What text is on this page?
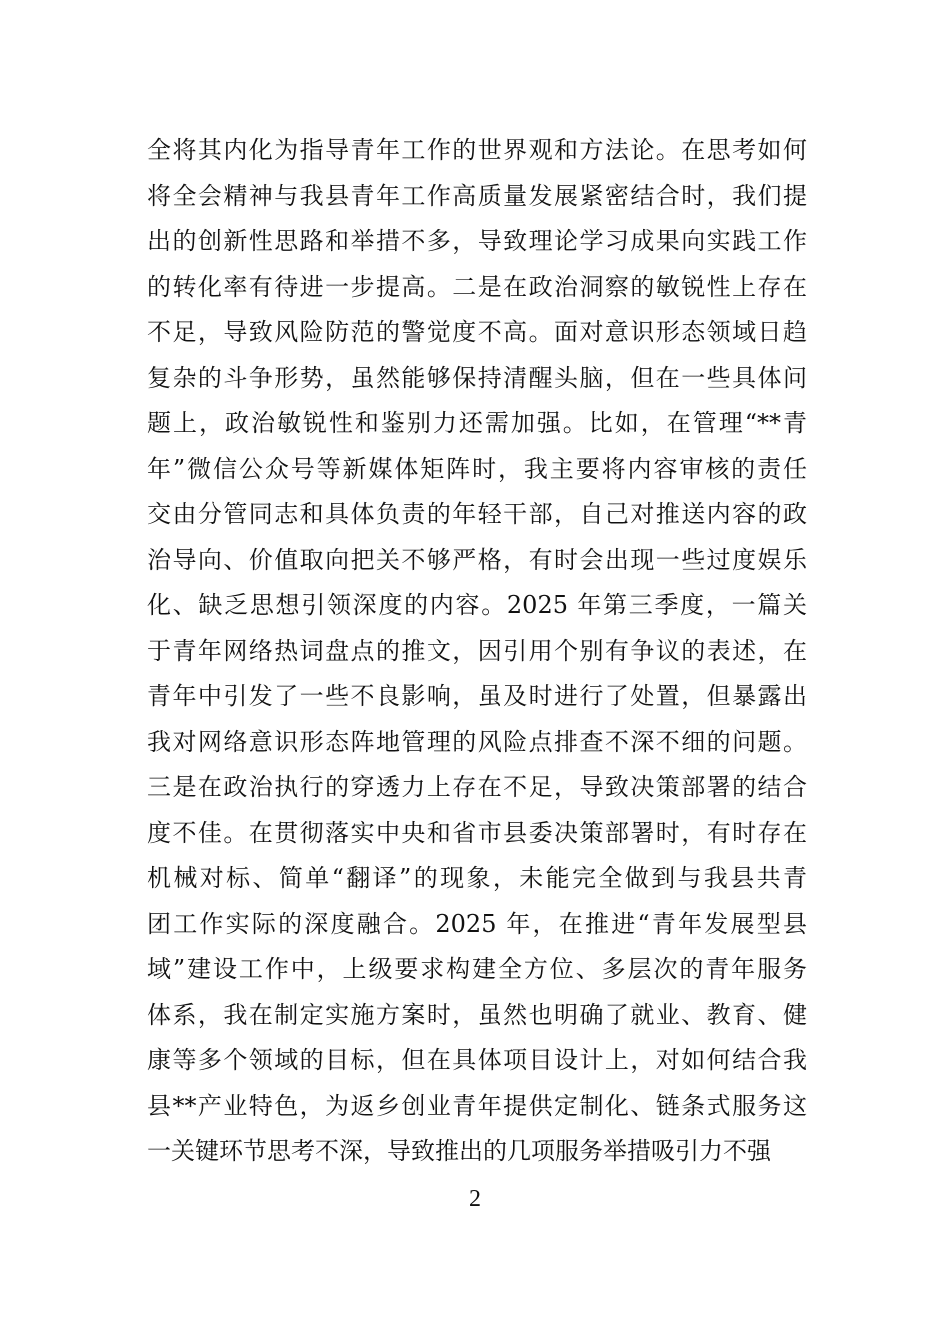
全将其内化为指导青年工作的世界观和方法论。在思考如何
将全会精神与我县青年工作高质量发展紧密结合时，我们提
出的创新性思路和举措不多，导致理论学习成果向实践工作
的转化率有待进一步提高。二是在政治洞察的敏锐性上存在
不足，导致风险防范的警觉度不高。面对意识形态领域日趋
复杂的斗争形势，虽然能够保持清醒头脑，但在一些具体问
题上，政治敏锐性和鉴别力还需加强。比如，在管理“**青
年”微信公众号等新媒体矩阵时，我主要将内容审核的责任
交由分管同志和具体负责的年轻干部，自己对推送内容的政
治导向、价值取向把关不够严格，有时会出现一些过度娱乐
化、缺乏思想引领深度的内容。2025 年第三季度，一篇关
于青年网络热词盘点的推文，因引用个别有争议的表述，在
青年中引发了一些不良影响，虽及时进行了处置，但暴露出
我对网络意识形态阵地管理的风险点排查不深不细的问题。
三是在政治执行的穿透力上存在不足，导致决策部署的结合
度不佳。在贯彻落实中央和省市县委决策部署时，有时存在
机械对标、简单“翻译”的现象，未能完全做到与我县共青
团工作实际的深度融合。2025 年，在推进“青年发展型县
域”建设工作中，上级要求构建全方位、多层次的青年服务
体系，我在制定实施方案时，虽然也明确了就业、教育、健
康等多个领域的目标，但在具体项目设计上，对如何结合我
县**产业特色，为返乡创业青年提供定制化、链条式服务这
一关键环节思考不深，导致推出的几项服务举措吸引力不强
2
